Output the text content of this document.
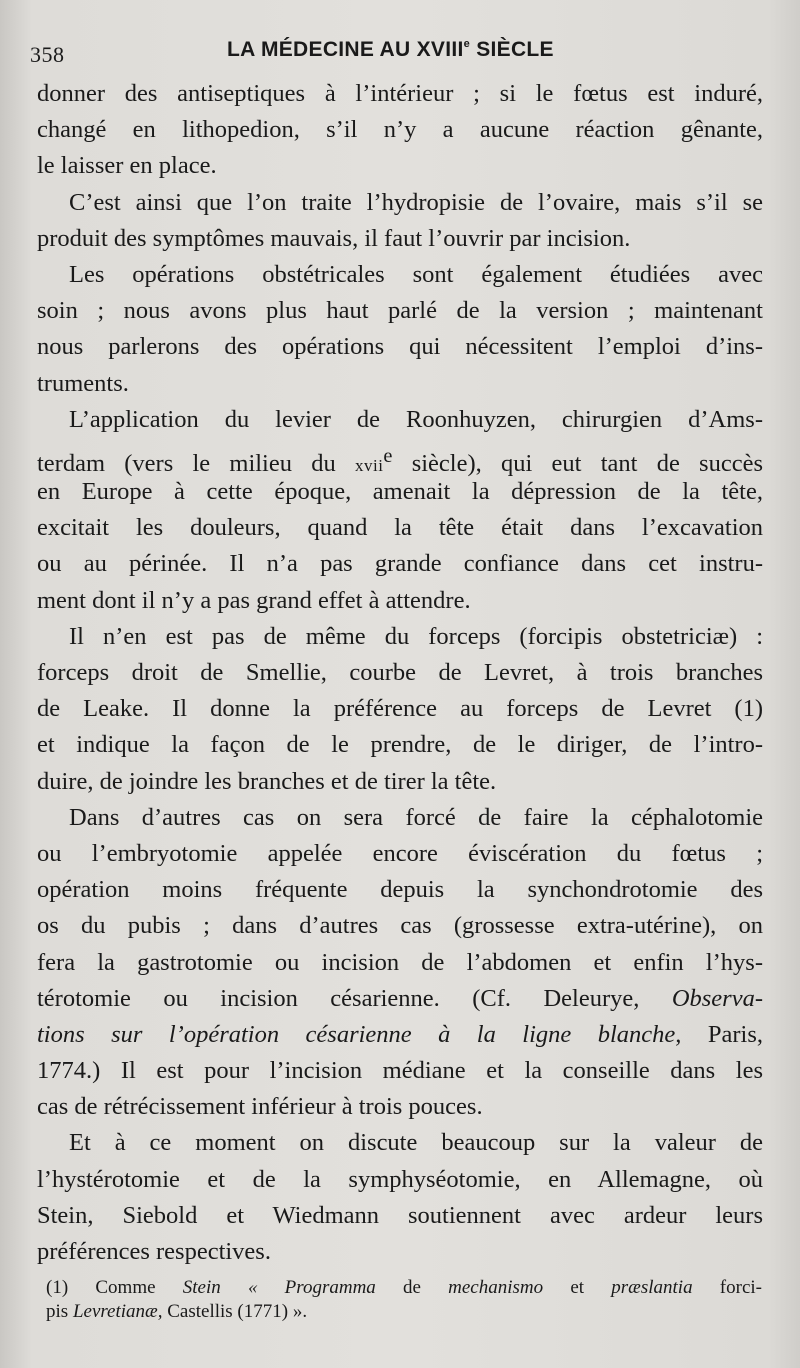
358	LA MÉDECINE AU XVIIIe SIÈCLE
donner des antiseptiques à l’intérieur ; si le fœtus est induré,
changé en lithopedion, s’il n’y a aucune réaction gênante,
le laisser en place.
C’est ainsi que l’on traite l’hydropisie de l’ovaire, mais s’il se
produit des symptômes mauvais, il faut l’ouvrir par incision.
Les opérations obstétricales sont également étudiées avec
soin ; nous avons plus haut parlé de la version ; maintenant
nous parlerons des opérations qui nécessitent l’emploi d’ins-
truments.
L’application du levier de Roonhuyzen, chirurgien d’Ams-
terdam (vers le milieu du xvii$^e$ siècle), qui eut tant de succès
en Europe à cette époque, amenait la dépression de la tête,
excitait les douleurs, quand la tête était dans l’excavation
ou au périnée. Il n’a pas grande confiance dans cet instru-
ment dont il n’y a pas grand effet à attendre.
Il n’en est pas de même du forceps (forcipis obstetriciæ) :
forceps droit de Smellie, courbe de Levret, à trois branches
de Leake. Il donne la préférence au forceps de Levret (1)
et indique la façon de le prendre, de le diriger, de l’intro-
duire, de joindre les branches et de tirer la tête.
Dans d’autres cas on sera forcé de faire la céphalotomie
ou l’embryotomie appelée encore éviscération du fœtus ;
opération moins fréquente depuis la synchondrotomie des
os du pubis ; dans d’autres cas (grossesse extra-utérine), on
fera la gastrotomie ou incision de l’abdomen et enfin l’hys-
térotomie ou incision césarienne. (Cf. Deleurye, Observa-
tions sur l’opération césarienne à la ligne blanche, Paris,
1774.) Il est pour l’incision médiane et la conseille dans les
cas de rétrécissement inférieur à trois pouces.
Et à ce moment on discute beaucoup sur la valeur de
l’hystérotomie et de la symphyséotomie, en Allemagne, où
Stein, Siebold et Wiedmann soutiennent avec ardeur leurs
préférences respectives.
(1) Comme Stein « Programma de mechanismo et præslantia forci-
pis Levretianæ, Castellis (1771) ».
